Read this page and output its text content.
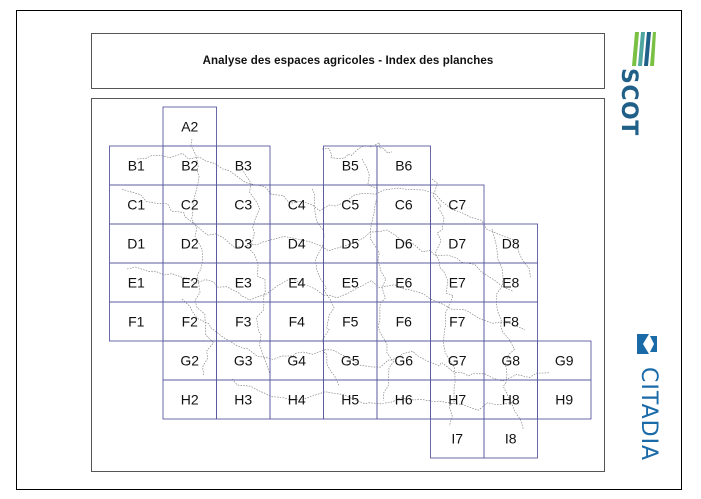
Analyse des espaces agricoles - Index des planches
A2
B1	B2	B3	B5	B6
C1	C2	C3	C4	C5	C6	C7
D1	D2	D3	D4	D5	D6	D7	D8
E1	E2	E3	E4	E5	E6	E7	E8
F1	F2	F3	F4	F5	F6	F7	F8
G2 G3 G4 G5 G6 G7 G8 G9
H2	H3	H4	H5	H6	H7	H8	H9
I7	I8
SCOT
CITADIA
